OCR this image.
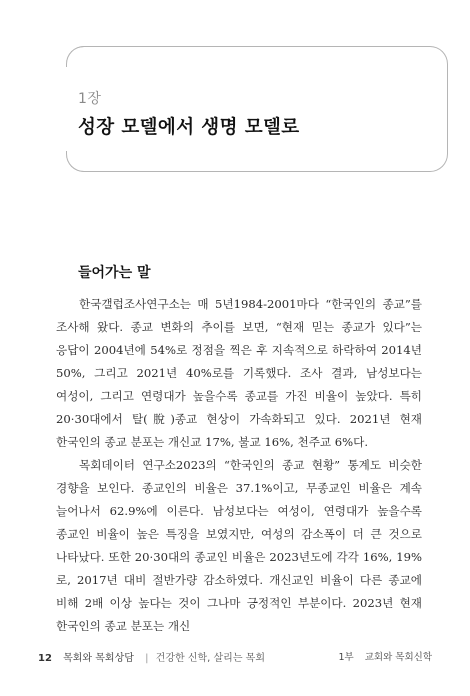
1장
성장 모델에서 생명 모델로
들어가는 말

한국갤럽조사연구소는 매 5년1984-2001마다 “한국인의 종교”를 조사해 왔다. 종교 변화의 추이를 보면, “현재 믿는 종교가 있다”는 응답이 2004년에 54%로 정점을 찍은 후 지속적으로 하락하여 2014년 50%, 그리고 2021년 40%로를 기록했다. 조사 결과, 남성보다는 여성이, 그리고 연령대가 높을수록 종교를 가진 비율이 높았다. 특히 20·30대에서 탈(脫)종교 현상이 가속화되고 있다. 2021년 현재 한국인의 종교 분포는 개신교 17%, 불교 16%, 천주교 6%다.

목회데이터 연구소2023의 “한국인의 종교 현황” 통계도 비슷한 경향을 보인다. 종교인의 비율은 37.1%이고, 무종교인 비율은 계속 늘어나서 62.9%에 이른다. 남성보다는 여성이, 연령대가 높을수록 종교인 비율이 높은 특징을 보였지만, 여성의 감소폭이 더 큰 것으로 나타났다. 또한 20·30대의 종교인 비율은 2023년도에 각각 16%, 19%로, 2017년 대비 절반가량 감소하였다. 개신교인 비율이 다른 종교에 비해 2배 이상 높다는 것이 그나마 긍정적인 부분이다. 2023년 현재 한국인의 종교 분포는 개신

12 목회와 목회상담 | 건강한 신학, 살리는 목회	1부 교회와 목회신학
